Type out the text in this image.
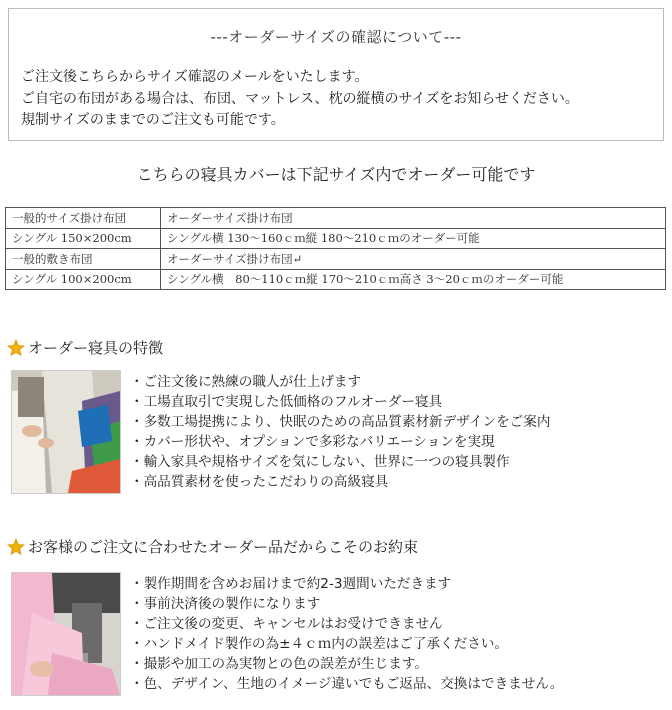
---オーダーサイズの確認について---
ご注文後こちらからサイズ確認のメールをいたします。
ご自宅の布団がある場合は、布団、マットレス、枕の縦横のサイズをお知らせください。
規制サイズのままでのご注文も可能です。
こちらの寝具カバーは下記サイズ内でオーダー可能です
一般的サイズ掛け布団	オーダーサイズ掛け布団
シングル 150×200cm	シングル横 130～160ｃｍ縦 180～210ｃｍのオーダー可能
一般的敷き布団	オーダーサイズ掛け布団↵
シングル 100×200cm	シングル横　80～110ｃｍ縦 170～210ｃｍ高さ 3～20ｃｍのオーダー可能
オーダー寝具の特徴
・ご注文後に熟練の職人が仕上げます
・工場直取引で実現した低価格のフルオーダー寝具
・多数工場提携により、快眠のための高品質素材新デザインをご案内
・カバー形状や、オプションで多彩なバリエーションを実現
・輸入家具や規格サイズを気にしない、世界に一つの寝具製作
・高品質素材を使ったこだわりの高級寝具
お客様のご注文に合わせたオーダー品だからこそのお約束
・製作期間を含めお届けまで約2-3週間いただきます
・事前決済後の製作になります
・ご注文後の変更、キャンセルはお受けできません
・ハンドメイド製作の為±４ｃｍ内の誤差はご了承ください。
・撮影や加工の為実物との色の誤差が生じます。
・色、デザイン、生地のイメージ違いでもご返品、交換はできません。
